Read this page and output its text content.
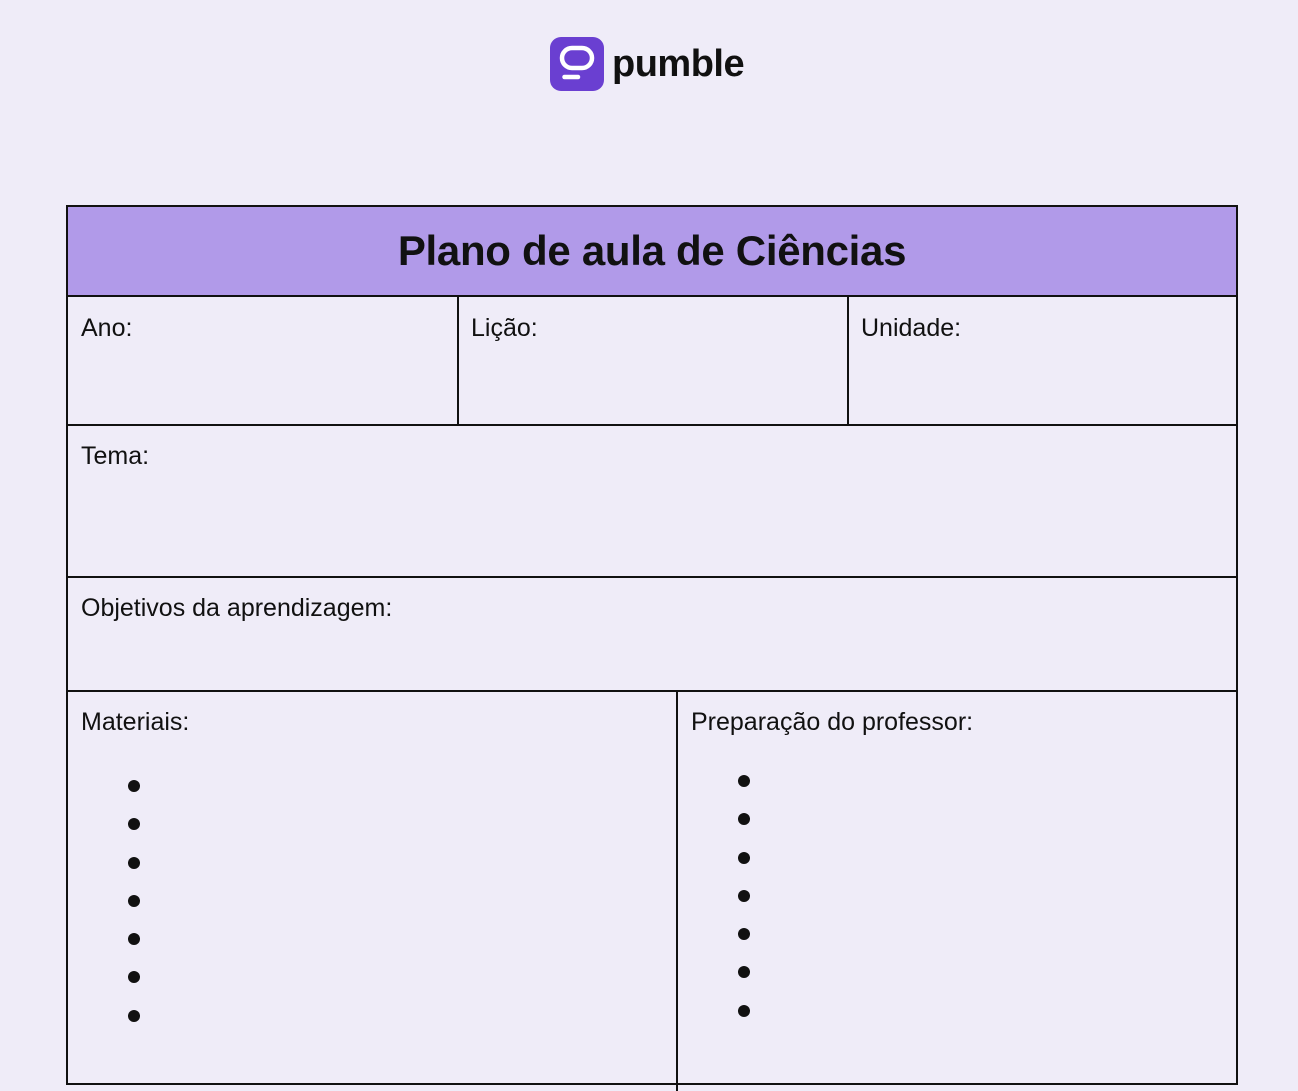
pumble
Plano de aula de Ciências
Ano:	Lição:	Unidade:
Tema:
Objetivos da aprendizagem:
Materiais:	Preparação do professor:
